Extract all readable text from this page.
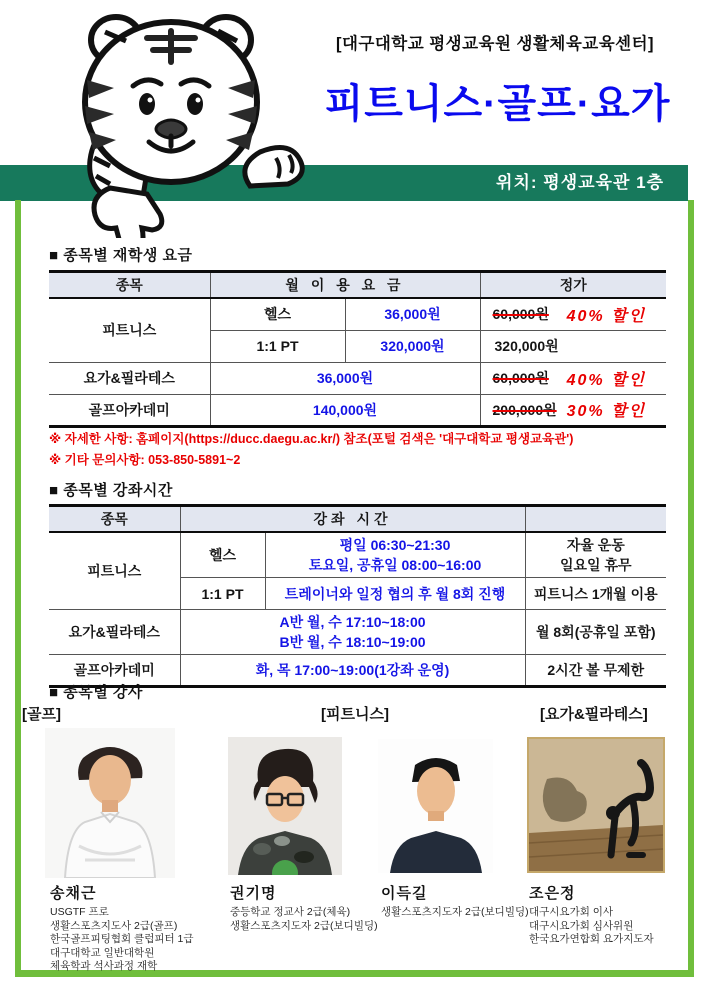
[대구대학교 평생교육원 생활체육교육센터]
피트니스·골프·요가
위치: 평생교육관 1층
■ 종목별 재학생 요금
종목	월 이 용 요 금		정가
피트니스	헬스	36,000원	60,000원 40% 할인

	1:1 PT	320,000원	320,000원

요가&필라테스	36,000원		60,000원 40% 할인

골프아카데미	140,000원		200,000원 30% 할인
※ 자세한 사항: 홈페이지(https://ducc.daegu.ac.kr/) 참조(포털 검색은 '대구대학교 평생교육관')
※ 기타 문의사항: 053-850-5891~2
■ 종목별 강좌시간
종목	강좌 시간		
피트니스	헬스	평일 06:30~21:30
토요일, 공휴일 08:00~16:00	자율 운동
일요일 휴무

	1:1 PT	트레이너와 일정 협의 후 월 8회 진행	피트니스 1개월 이용
요가&필라테스	A반 월, 수 17:10~18:00
B반 월, 수 18:10~19:00		월 8회(공휴일 포함)
골프아카데미	화, 목 17:00~19:00(1강좌 운영)		2시간 볼 무제한
■ 종목별 강사
[골프]	[피트니스]	[요가&필라테스]
송채근	권기명	이득길	조은정
USGTF 프로
생활스포츠지도사 2급(골프)
한국골프피팅협회 클럽피터 1급
대구대학교 일반대학원
체육학과 석사과정 재학
중등학교 정교사 2급(체육)
생활스포츠지도자 2급(보디빌딩)
생활스포츠지도자 2급(보디빌딩) 대구시요가회 이사
대구시요가회 심사위원
한국요가연합회 요가지도자
